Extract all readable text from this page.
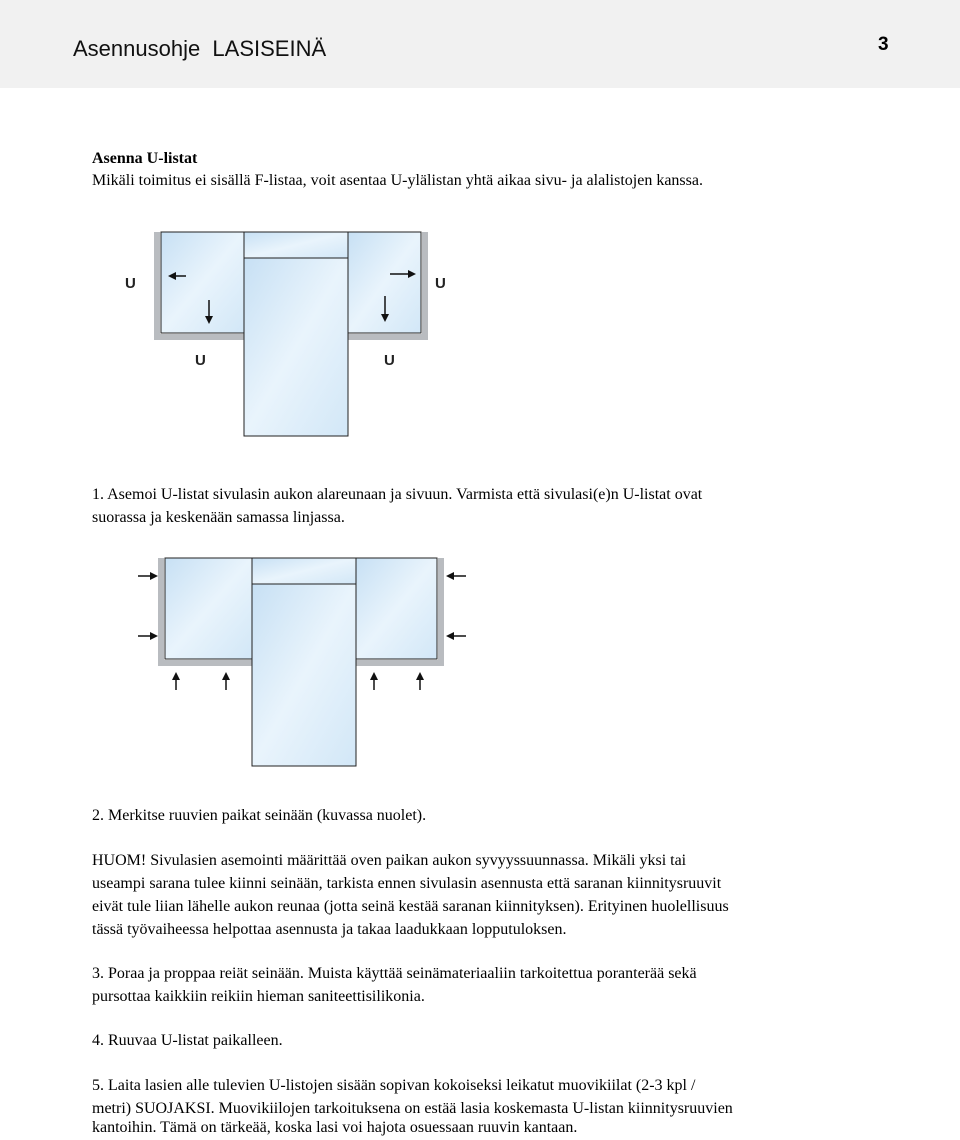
Asennusohje  LASISEINÄ	3
Asenna U-listat
Mikäli toimitus ei sisällä F-listaa, voit asentaa U-ylälistan yhtä aikaa sivu- ja alalistojen kanssa.
U	U
U	U
1. Asemoi U-listat sivulasin aukon alareunaan ja sivuun. Varmista että sivulasi(e)n U-listat ovat
suorassa ja keskenään samassa linjassa.
2. Merkitse ruuvien paikat seinään (kuvassa nuolet).
HUOM! Sivulasien asemointi määrittää oven paikan aukon syvyyssuunnassa. Mikäli yksi tai
useampi sarana tulee kiinni seinään, tarkista ennen sivulasin asennusta että saranan kiinnitysruuvit
eivät tule liian lähelle aukon reunaa (jotta seinä kestää saranan kiinnityksen). Erityinen huolellisuus
tässä työvaiheessa helpottaa asennusta ja takaa laadukkaan lopputuloksen.
3. Poraa ja proppaa reiät seinään. Muista käyttää seinämateriaaliin tarkoitettua poranterää sekä
pursottaa kaikkiin reikiin hieman saniteettisilikonia.
4. Ruuvaa U-listat paikalleen.
5. Laita lasien alle tulevien U-listojen sisään sopivan kokoiseksi leikatut muovikiilat (2-3 kpl /
metri) SUOJAKSI. Muovikiilojen tarkoituksena on estää lasia koskemasta U-listan kiinnitysruuvien
kantoihin. Tämä on tärkeää, koska lasi voi hajota osuessaan ruuvin kantaan.
